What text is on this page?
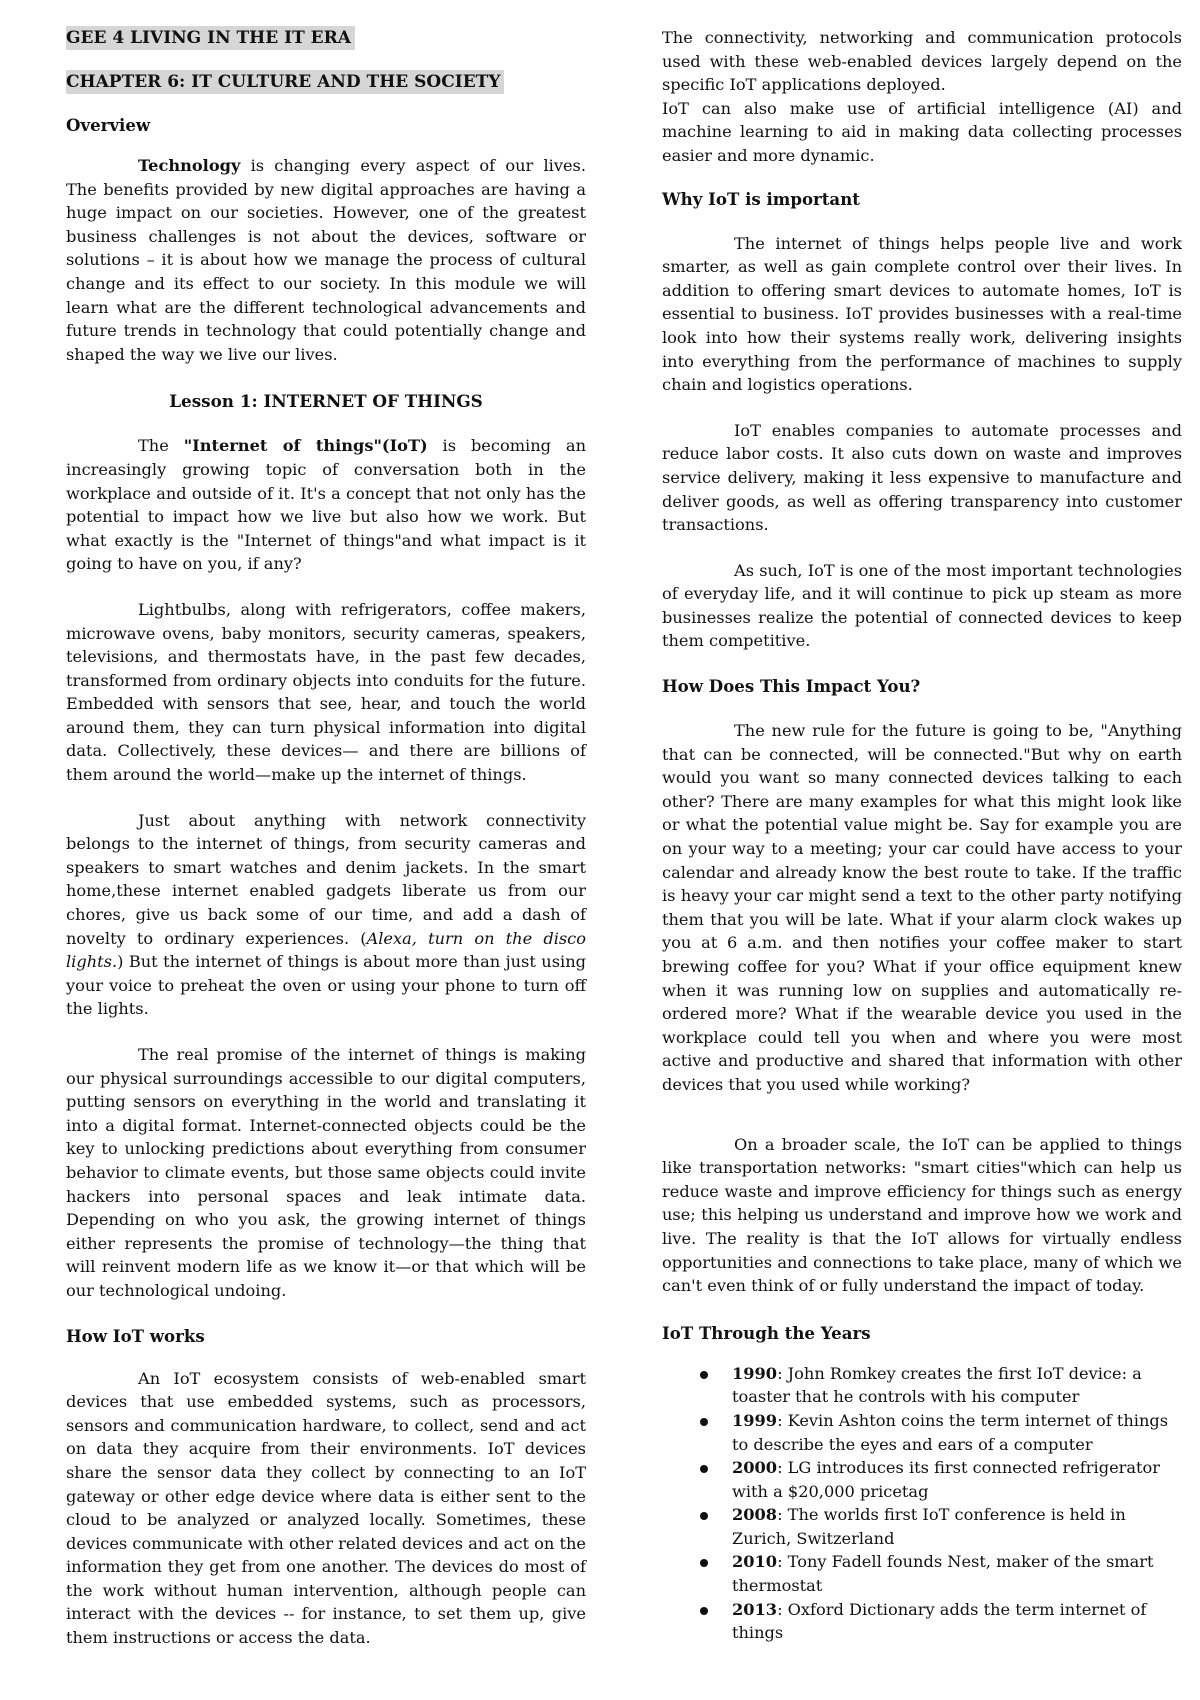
GEE 4 LIVING IN THE IT ERA
CHAPTER 6: IT CULTURE AND THE SOCIETY
Overview

Technology is changing every aspect of our lives. The benefits provided by new digital approaches are having a huge impact on our societies. However, one of the greatest business challenges is not about the devices, software or solutions – it is about how we manage the process of cultural change and its effect to our society. In this module we will learn what are the different technological advancements and future trends in technology that could potentially change and shaped the way we live our lives.

Lesson 1: INTERNET OF THINGS

The "Internet of things"(IoT) is becoming an increasingly growing topic of conversation both in the workplace and outside of it. It's a concept that not only has the potential to impact how we live but also how we work. But what exactly is the "Internet of things"and what impact is it going to have on you, if any?

Lightbulbs, along with refrigerators, coffee makers, microwave ovens, baby monitors, security cameras, speakers, televisions, and thermostats have, in the past few decades, transformed from ordinary objects into conduits for the future. Embedded with sensors that see, hear, and touch the world around them, they can turn physical information into digital data. Collectively, these devices— and there are billions of them around the world—make up the internet of things.

Just about anything with network connectivity belongs to the internet of things, from security cameras and speakers to smart watches and denim jackets. In the smart home,these internet enabled gadgets liberate us from our chores, give us back some of our time, and add a dash of novelty to ordinary experiences. (Alexa, turn on the disco lights.) But the internet of things is about more than just using your voice to preheat the oven or using your phone to turn off the lights.

The real promise of the internet of things is making our physical surroundings accessible to our digital computers, putting sensors on everything in the world and translating it into a digital format. Internet-connected objects could be the key to unlocking predictions about everything from consumer behavior to climate events, but those same objects could invite hackers into personal spaces and leak intimate data. Depending on who you ask, the growing internet of things either represents the promise of technology—the thing that will reinvent modern life as we know it—or that which will be our technological undoing.

How IoT works

An IoT ecosystem consists of web-enabled smart devices that use embedded systems, such as processors, sensors and communication hardware, to collect, send and act on data they acquire from their environments. IoT devices share the sensor data they collect by connecting to an IoT gateway or other edge device where data is either sent to the cloud to be analyzed or analyzed locally. Sometimes, these devices communicate with other related devices and act on the information they get from one another. The devices do most of the work without human intervention, although people can interact with the devices -- for instance, to set them up, give them instructions or access the data.

The connectivity, networking and communication protocols used with these web-enabled devices largely depend on the specific IoT applications deployed.

IoT can also make use of artificial intelligence (AI) and machine learning to aid in making data collecting processes easier and more dynamic.

Why IoT is important

The internet of things helps people live and work smarter, as well as gain complete control over their lives. In addition to offering smart devices to automate homes, IoT is essential to business. IoT provides businesses with a real-time look into how their systems really work, delivering insights into everything from the performance of machines to supply chain and logistics operations.

IoT enables companies to automate processes and reduce labor costs. It also cuts down on waste and improves service delivery, making it less expensive to manufacture and deliver goods, as well as offering transparency into customer transactions.

As such, IoT is one of the most important technologies of everyday life, and it will continue to pick up steam as more businesses realize the potential of connected devices to keep them competitive.

How Does This Impact You?

The new rule for the future is going to be, "Anything that can be connected, will be connected."But why on earth would you want so many connected devices talking to each other? There are many examples for what this might look like or what the potential value might be. Say for example you are on your way to a meeting; your car could have access to your calendar and already know the best route to take. If the traffic is heavy your car might send a text to the other party notifying them that you will be late. What if your alarm clock wakes up you at 6 a.m. and then notifies your coffee maker to start brewing coffee for you? What if your office equipment knew when it was running low on supplies and automatically re-ordered more? What if the wearable device you used in the workplace could tell you when and where you were most active and productive and shared that information with other devices that you used while working?

On a broader scale, the IoT can be applied to things like transportation networks: "smart cities"which can help us reduce waste and improve efficiency for things such as energy use; this helping us understand and improve how we work and live. The reality is that the IoT allows for virtually endless opportunities and connections to take place, many of which we can't even think of or fully understand the impact of today.

IoT Through the Years
1990: John Romkey creates the first IoT device: a toaster that he controls with his computer
1999: Kevin Ashton coins the term internet of things to describe the eyes and ears of a computer
2000: LG introduces its first connected refrigerator with a $20,000 pricetag
2008: The worlds first IoT conference is held in Zurich, Switzerland
2010: Tony Fadell founds Nest, maker of the smart thermostat
2013: Oxford Dictionary adds the term internet of things
